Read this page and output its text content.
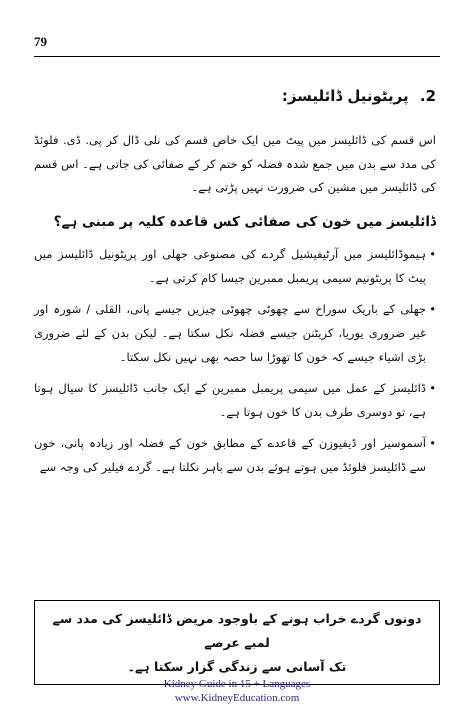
79
2. پریٹونیل ڈائلیسز:

اس قسم کی ڈائلیسز میں پیٹ میں ایک خاص قسم کی نلی ڈال کر پی. ڈی. فلوئڈ کی مدد سے بدن میں جمع شدہ فضلہ کو ختم کر کے صفائی کی جاتی ہے۔ اس قسم کی ڈائلیسز میں مشین کی ضرورت نہیں پڑتی ہے۔

ڈائلیسز میں خون کی صفائی کس قاعدہ کلیہ پر مبنی ہے؟
•
ہیموڈائلیسز میں آرٹیفیشیل گردے کی مصنوعی جھلی اور پریٹونیل ڈائلیسز میں پیٹ کا پریٹونیم سیمی پریمبل ممبرین جیسا کام کرتی ہے۔
•
جھلی کے باریک سوراخ سے چھوٹی چھوٹی چیزیں جیسے پانی، القلی / شورہ اور غیر ضروری یوریا، کریٹنن جیسے فضلہ نکل سکتا ہے۔ لیکن بدن کے لئے ضروری بڑی اشیاء جیسے کہ خون کا تھوڑا سا حصہ بھی نہیں نکل سکتا۔
•
ڈائلیسز کے عمل میں سیمی پریمبل ممبرین کے ایک جانب ڈائلیسز کا سیال ہوتا ہے، تو دوسری طرف بدن کا خون ہوتا ہے۔
•
آسموسیز اور ڈیفیوزن کے قاعدے کے مطابق خون کے فضلہ اور زیادہ پانی، خون سے ڈائلیسز فلوئڈ میں ہوتے ہوئے بدن سے باہر نکلتا ہے۔ گردے فیلیر کی وجہ سے
دونوں گردے خراب ہونے کے باوجود مریض ڈائلیسز کی مدد سے لمبے عرصے
تک آسانی سے زندگی گزار سکتا ہے۔
Kidney Guide in 15 + Languages
www.KidneyEducation.com
